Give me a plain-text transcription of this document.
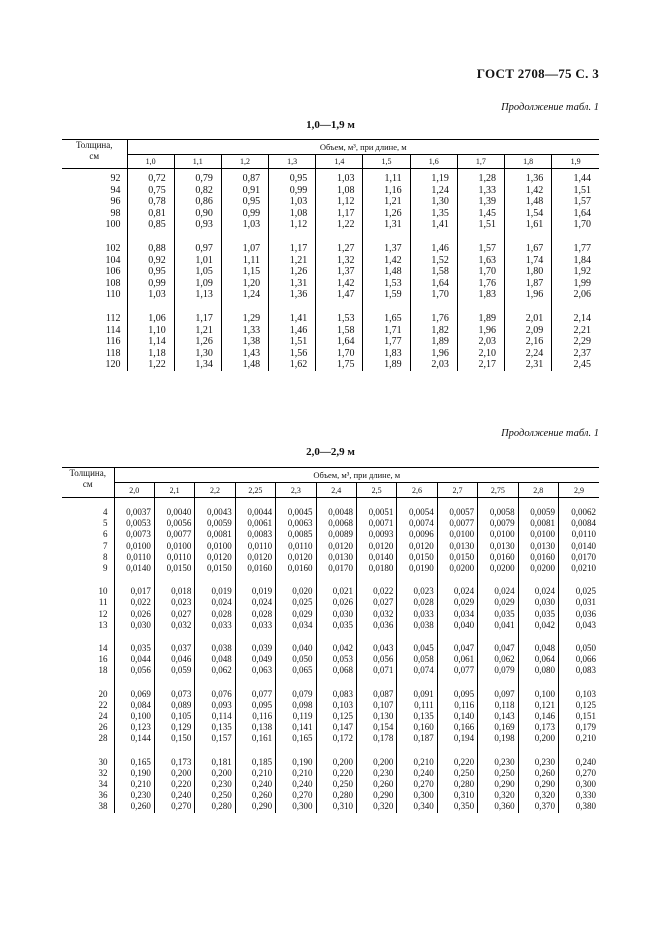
ГОСТ 2708—75 С. 3
Продолжение табл. 1
1,0—1,9 м
Толщина,
см	Объем, м³, при длине, м									
	1,0	1,1	1,2	1,3	1,4	1,5	1,6	1,7	1,8	1,9

92	0,72	0,79	0,87	0,95	1,03	1,11	1,19	1,28	1,36	1,44
94	0,75	0,82	0,91	0,99	1,08	1,16	1,24	1,33	1,42	1,51
96	0,78	0,86	0,95	1,03	1,12	1,21	1,30	1,39	1,48	1,57
98	0,81	0,90	0,99	1,08	1,17	1,26	1,35	1,45	1,54	1,64
100	0,85	0,93	1,03	1,12	1,22	1,31	1,41	1,51	1,61	1,70

102	0,88	0,97	1,07	1,17	1,27	1,37	1,46	1,57	1,67	1,77
104	0,92	1,01	1,11	1,21	1,32	1,42	1,52	1,63	1,74	1,84
106	0,95	1,05	1,15	1,26	1,37	1,48	1,58	1,70	1,80	1,92
108	0,99	1,09	1,20	1,31	1,42	1,53	1,64	1,76	1,87	1,99
110	1,03	1,13	1,24	1,36	1,47	1,59	1,70	1,83	1,96	2,06

112	1,06	1,17	1,29	1,41	1,53	1,65	1,76	1,89	2,01	2,14
114	1,10	1,21	1,33	1,46	1,58	1,71	1,82	1,96	2,09	2,21
116	1,14	1,26	1,38	1,51	1,64	1,77	1,89	2,03	2,16	2,29
118	1,18	1,30	1,43	1,56	1,70	1,83	1,96	2,10	2,24	2,37
120	1,22	1,34	1,48	1,62	1,75	1,89	2,03	2,17	2,31	2,45
Продолжение табл. 1
2,0—2,9 м
Толщина,
см	Объем, м³, при длине, м											
	2,0	2,1	2,2	2,25	2,3	2,4	2,5	2,6	2,7	2,75	2,8	2,9

4	0,0037	0,0040	0,0043	0,0044	0,0045	0,0048	0,0051	0,0054	0,0057	0,0058	0,0059	0,0062
5	0,0053	0,0056	0,0059	0,0061	0,0063	0,0068	0,0071	0,0074	0,0077	0,0079	0,0081	0,0084
6	0,0073	0,0077	0,0081	0,0083	0,0085	0,0089	0,0093	0,0096	0,0100	0,0100	0,0100	0,0110
7	0,0100	0,0100	0,0100	0,0110	0,0110	0,0120	0,0120	0,0120	0,0130	0,0130	0,0130	0,0140
8	0,0110	0,0110	0,0120	0,0120	0,0120	0,0130	0,0140	0,0150	0,0150	0,0160	0,0160	0,0170
9	0,0140	0,0150	0,0150	0,0160	0,0160	0,0170	0,0180	0,0190	0,0200	0,0200	0,0200	0,0210

10	0,017	0,018	0,019	0,019	0,020	0,021	0,022	0,023	0,024	0,024	0,024	0,025
11	0,022	0,023	0,024	0,024	0,025	0,026	0,027	0,028	0,029	0,029	0,030	0,031
12	0,026	0,027	0,028	0,028	0,029	0,030	0,032	0,033	0,034	0,035	0,035	0,036
13	0,030	0,032	0,033	0,033	0,034	0,035	0,036	0,038	0,040	0,041	0,042	0,043

14	0,035	0,037	0,038	0,039	0,040	0,042	0,043	0,045	0,047	0,047	0,048	0,050
16	0,044	0,046	0,048	0,049	0,050	0,053	0,056	0,058	0,061	0,062	0,064	0,066
18	0,056	0,059	0,062	0,063	0,065	0,068	0,071	0,074	0,077	0,079	0,080	0,083

20	0,069	0,073	0,076	0,077	0,079	0,083	0,087	0,091	0,095	0,097	0,100	0,103
22	0,084	0,089	0,093	0,095	0,098	0,103	0,107	0,111	0,116	0,118	0,121	0,125
24	0,100	0,105	0,114	0,116	0,119	0,125	0,130	0,135	0,140	0,143	0,146	0,151
26	0,123	0,129	0,135	0,138	0,141	0,147	0,154	0,160	0,166	0,169	0,173	0,179
28	0,144	0,150	0,157	0,161	0,165	0,172	0,178	0,187	0,194	0,198	0,200	0,210

30	0,165	0,173	0,181	0,185	0,190	0,200	0,200	0,210	0,220	0,230	0,230	0,240
32	0,190	0,200	0,200	0,210	0,210	0,220	0,230	0,240	0,250	0,250	0,260	0,270
34	0,210	0,220	0,230	0,240	0,240	0,250	0,260	0,270	0,280	0,290	0,290	0,300
36	0,230	0,240	0,250	0,260	0,270	0,280	0,290	0,300	0,310	0,320	0,320	0,330
38	0,260	0,270	0,280	0,290	0,300	0,310	0,320	0,340	0,350	0,360	0,370	0,380
